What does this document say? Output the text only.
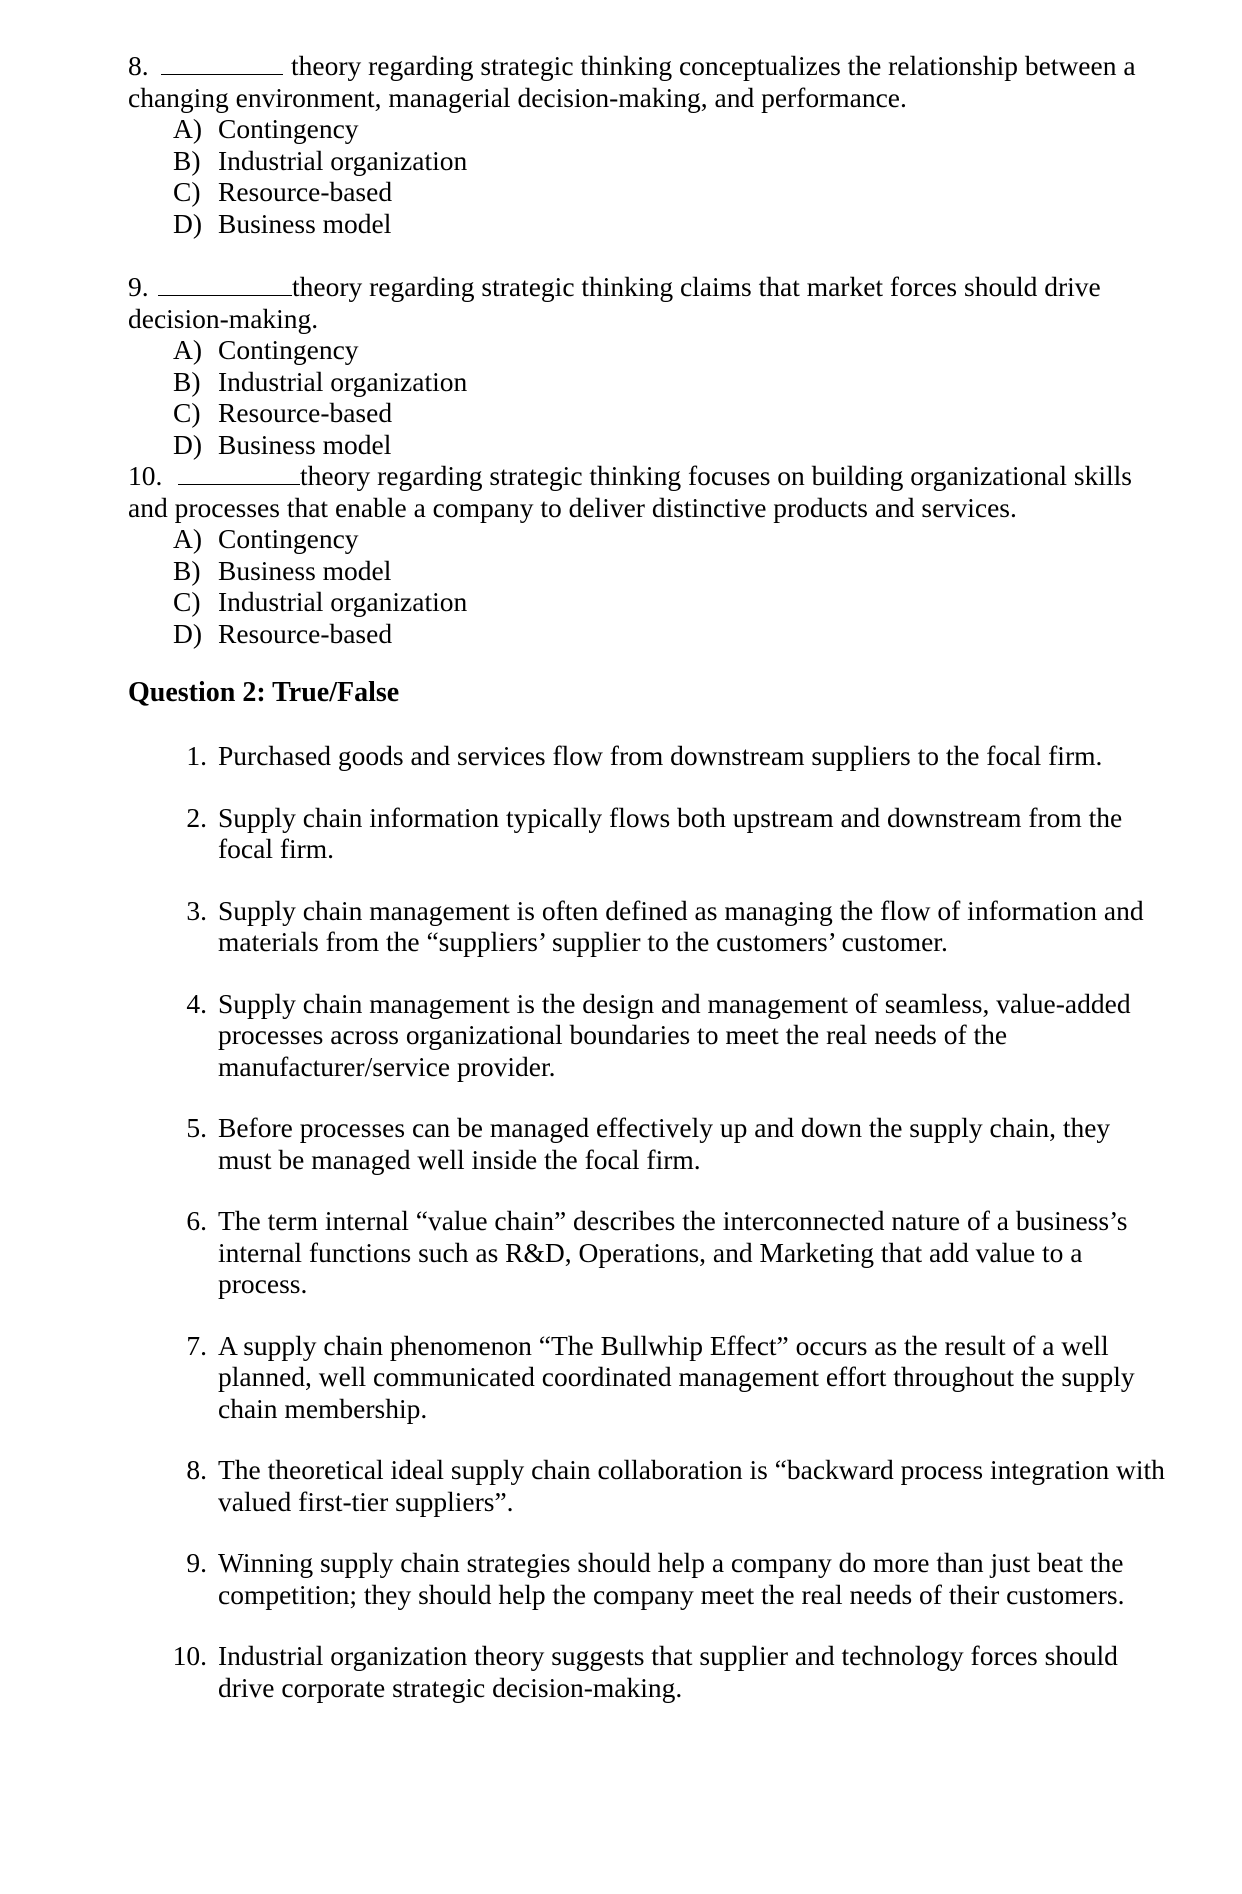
8.	theory regarding strategic thinking conceptualizes the relationship between a changing environment, managerial decision-making, and performance.

A) Contingency
B) Industrial organization
C) Resource-based
D) Business model

9.	theory regarding strategic thinking claims that market forces should drive decision-making.

A) Contingency
B) Industrial organization
C) Resource-based
D) Business model

10.	theory regarding strategic thinking focuses on building organizational skills and processes that enable a company to deliver distinctive products and services.

A) Contingency
B) Business model
C) Industrial organization
D) Resource-based
Question 2: True/False
1. Purchased goods and services flow from downstream suppliers to the focal firm.
2. Supply chain information typically flows both upstream and downstream from the focal firm.
3. Supply chain management is often defined as managing the flow of information and materials from the “suppliers’ supplier to the customers’ customer.
4. Supply chain management is the design and management of seamless, value-added processes across organizational boundaries to meet the real needs of the manufacturer/service provider.
5. Before processes can be managed effectively up and down the supply chain, they must be managed well inside the focal firm.
6. The term internal “value chain” describes the interconnected nature of a business’s internal functions such as R&D, Operations, and Marketing that add value to a process.
7. A supply chain phenomenon “The Bullwhip Effect” occurs as the result of a well planned, well communicated coordinated management effort throughout the supply chain membership.
8. The theoretical ideal supply chain collaboration is “backward process integration with valued first-tier suppliers”.
9. Winning supply chain strategies should help a company do more than just beat the competition; they should help the company meet the real needs of their customers.
10. Industrial organization theory suggests that supplier and technology forces should drive corporate strategic decision-making.
